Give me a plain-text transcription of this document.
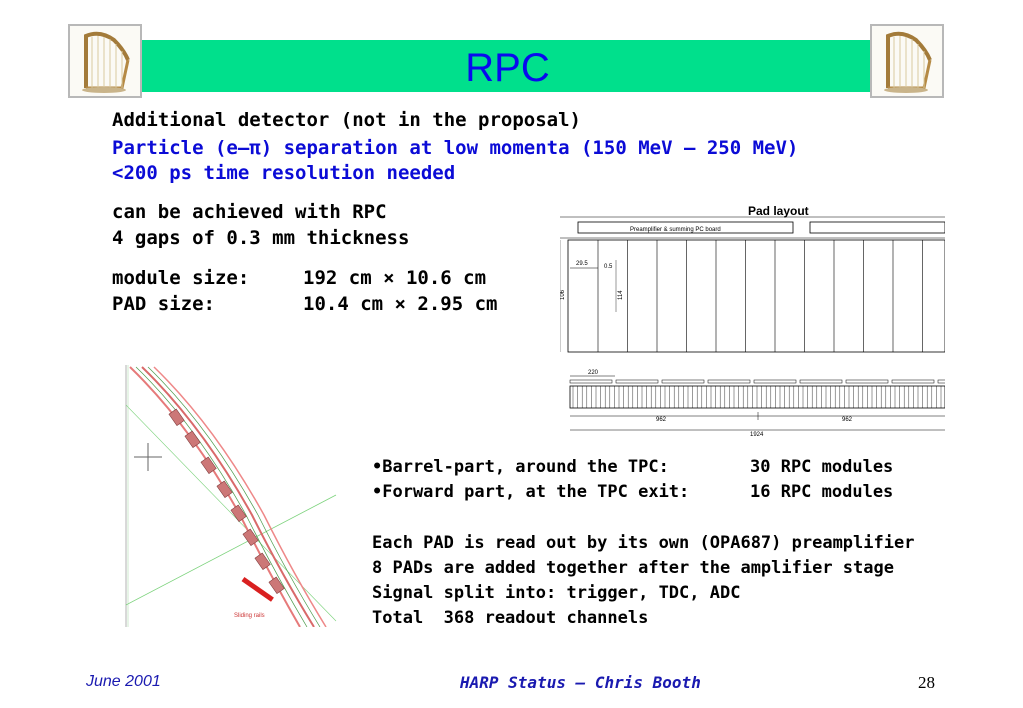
RPC
Additional detector (not in the proposal)
Particle (e–π) separation at low momenta (150 MeV – 250 MeV)
<200 ps time resolution needed
can be achieved with RPC
4 gaps of 0.3 mm thickness
module size:	192 cm × 10.6 cm
PAD size:	10.4 cm × 2.95 cm
Pad layout
Preamplifier & summing PC board
29.5	0.5
114
106
220
962	962
1924
Sliding rails
•Barrel-part, around the TPC:	30 RPC modules
•Forward part, at the TPC exit:	16 RPC modules
Each PAD is read out by its own (OPA687) preamplifier
8 PADs are added together after the amplifier stage
Signal split into: trigger, TDC, ADC
Total  368 readout channels
June 2001	HARP Status – Chris Booth	28
